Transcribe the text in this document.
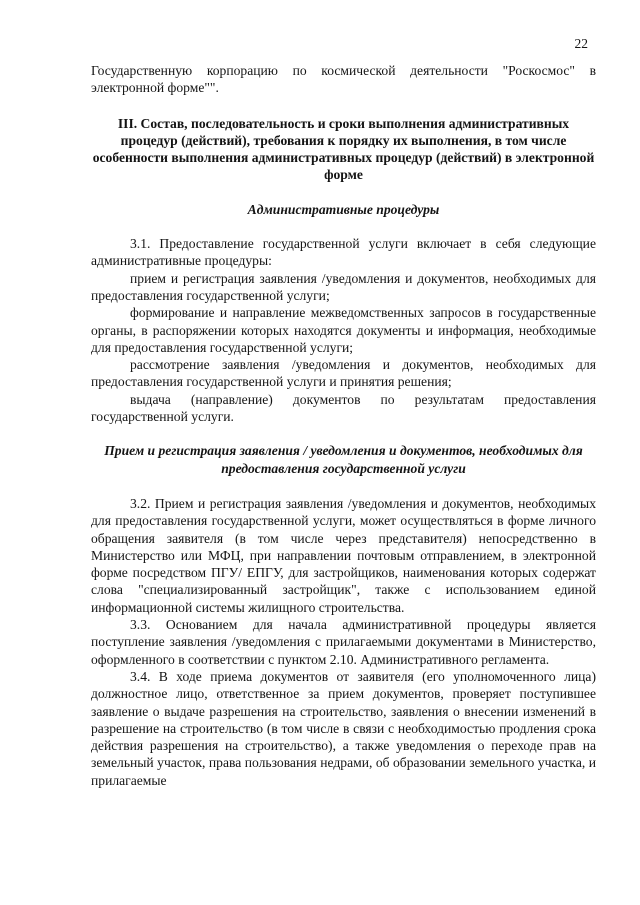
22

Государственную корпорацию по космической деятельности "Роскосмос" в электронной форме"".

III. Состав, последовательность и сроки выполнения административных процедур (действий), требования к порядку их выполнения, в том числе особенности выполнения административных процедур (действий) в электронной форме
Административные процедуры

3.1. Предоставление государственной услуги включает в себя следующие административные процедуры:

прием и регистрация заявления /уведомления и документов, необходимых для предоставления государственной услуги;

формирование и направление межведомственных запросов в государственные органы, в распоряжении которых находятся документы и информация, необходимые для предоставления государственной услуги;

рассмотрение заявления /уведомления и документов, необходимых для предоставления государственной услуги и принятия решения;

выдача (направление) документов по результатам предоставления государственной услуги.

Прием и регистрация заявления / уведомления и документов, необходимых для предоставления государственной услуги

3.2. Прием и регистрация заявления /уведомления и документов, необходимых для предоставления государственной услуги, может осуществляться в форме личного обращения заявителя (в том числе через представителя) непосредственно в Министерство или МФЦ, при направлении почтовым отправлением, в электронной форме посредством ПГУ/ ЕПГУ, для застройщиков, наименования которых содержат слова "специализированный застройщик", также с использованием единой информационной системы жилищного строительства.

3.3. Основанием для начала административной процедуры является поступление заявления /уведомления с прилагаемыми документами в Министерство, оформленного в соответствии с пунктом 2.10. Административного регламента.

3.4. В ходе приема документов от заявителя (его уполномоченного лица) должностное лицо, ответственное за прием документов, проверяет поступившее заявление о выдаче разрешения на строительство, заявления о внесении изменений в разрешение на строительство (в том числе в связи с необходимостью продления срока действия разрешения на строительство), а также уведомления о переходе прав на земельный участок, права пользования недрами, об образовании земельного участка, и прилагаемые
